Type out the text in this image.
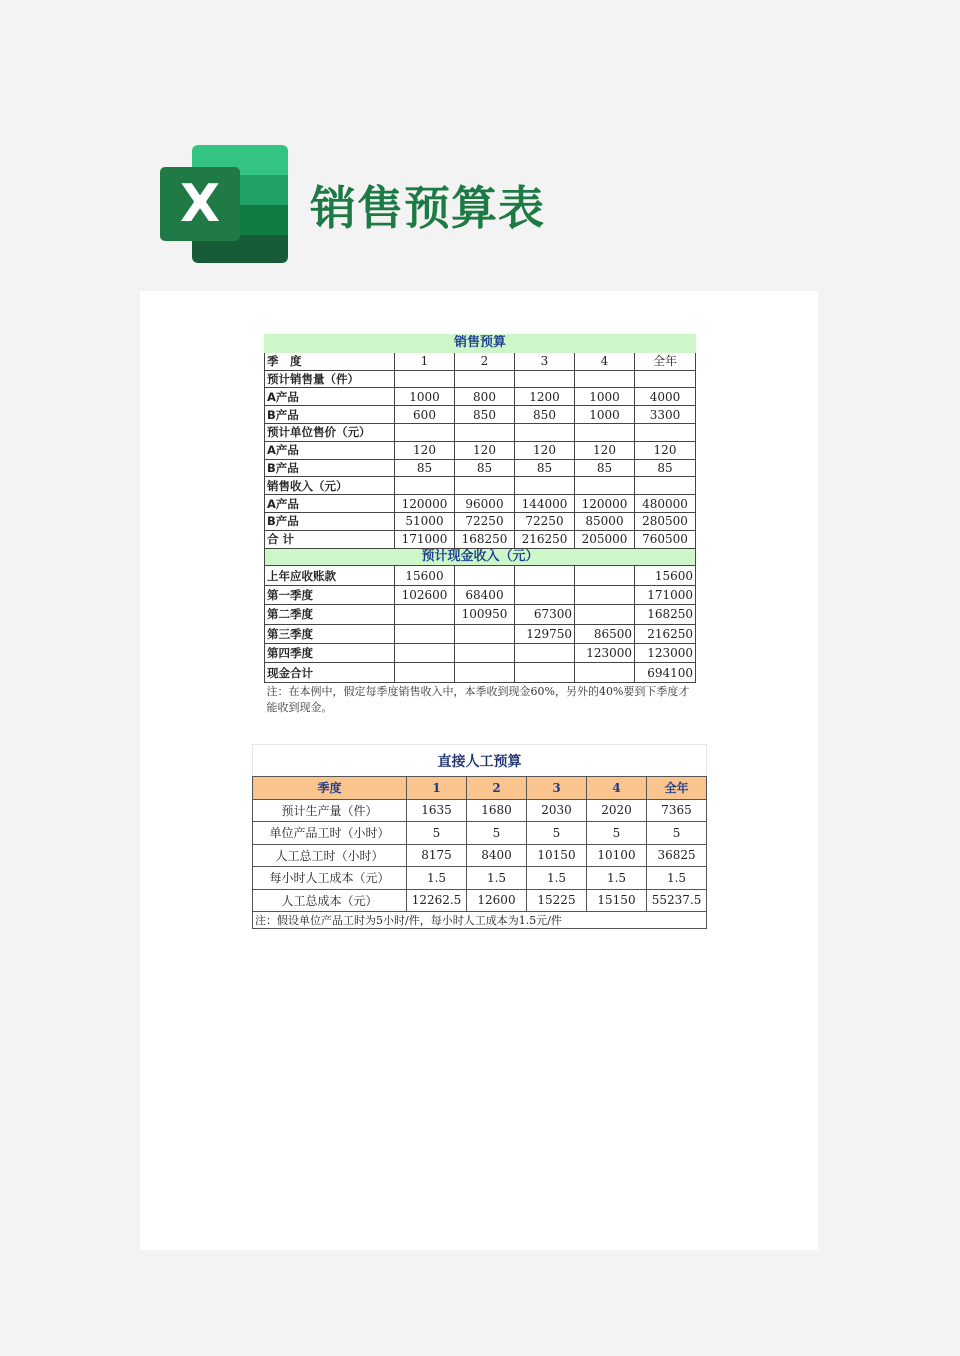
X	销售预算表
销售预算					
季　度	1	2	3	4	全年
预计销售量（件）					
A产品	1000	800	1200	1000	4000
B产品	600	850	850	1000	3300
预计单位售价（元）					
A产品	120	120	120	120	120
B产品	85	85	85	85	85
销售收入（元）					
A产品	120000	96000	144000	120000	480000
B产品	51000	72250	72250	85000	280500
合 计	171000	168250	216250	205000	760500
预计现金收入（元）					
上年应收账款	15600				15600
第一季度	102600	68400			171000
第二季度		100950	67300		168250
第三季度			129750	86500	216250
第四季度				123000	123000
现金合计					694100
注：在本例中，假定每季度销售收入中，本季收到现金60%，另外的40%要到下季度才能收到现金。					
直接人工预算					
季度	1	2	3	4	全年
预计生产量（件）	1635	1680	2030	2020	7365
单位产品工时（小时）	5	5	5	5	5
人工总工时（小时）	8175	8400	10150	10100	36825
每小时人工成本（元）	1.5	1.5	1.5	1.5	1.5
人工总成本（元）	12262.5	12600	15225	15150	55237.5
注：假设单位产品工时为5小时/件，每小时人工成本为1.5元/件					
